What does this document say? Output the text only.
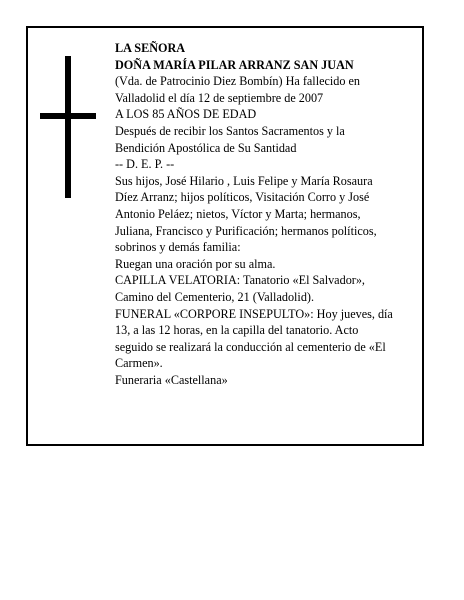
LA SEÑORA
DOÑA MARÍA PILAR ARRANZ SAN JUAN
(Vda. de Patrocinio Diez Bombín) Ha fallecido en
Valladolid el día 12 de septiembre de 2007
A LOS 85 AÑOS DE EDAD
Después de recibir los Santos Sacramentos y la
Bendición Apostólica de Su Santidad
-- D. E. P. --
Sus hijos, José Hilario , Luis Felipe y María Rosaura
Díez Arranz; hijos políticos, Visitación Corro y José
Antonio Peláez; nietos, Víctor y Marta; hermanos,
Juliana, Francisco y Purificación; hermanos políticos,
sobrinos y demás familia:
Ruegan una oración por su alma.
CAPILLA VELATORIA: Tanatorio «El Salvador»,
Camino del Cementerio, 21 (Valladolid).
FUNERAL «CORPORE INSEPULTO»: Hoy jueves, día
13, a las 12 horas, en la capilla del tanatorio. Acto
seguido se realizará la conducción al cementerio de «El
Carmen».
Funeraria «Castellana»
